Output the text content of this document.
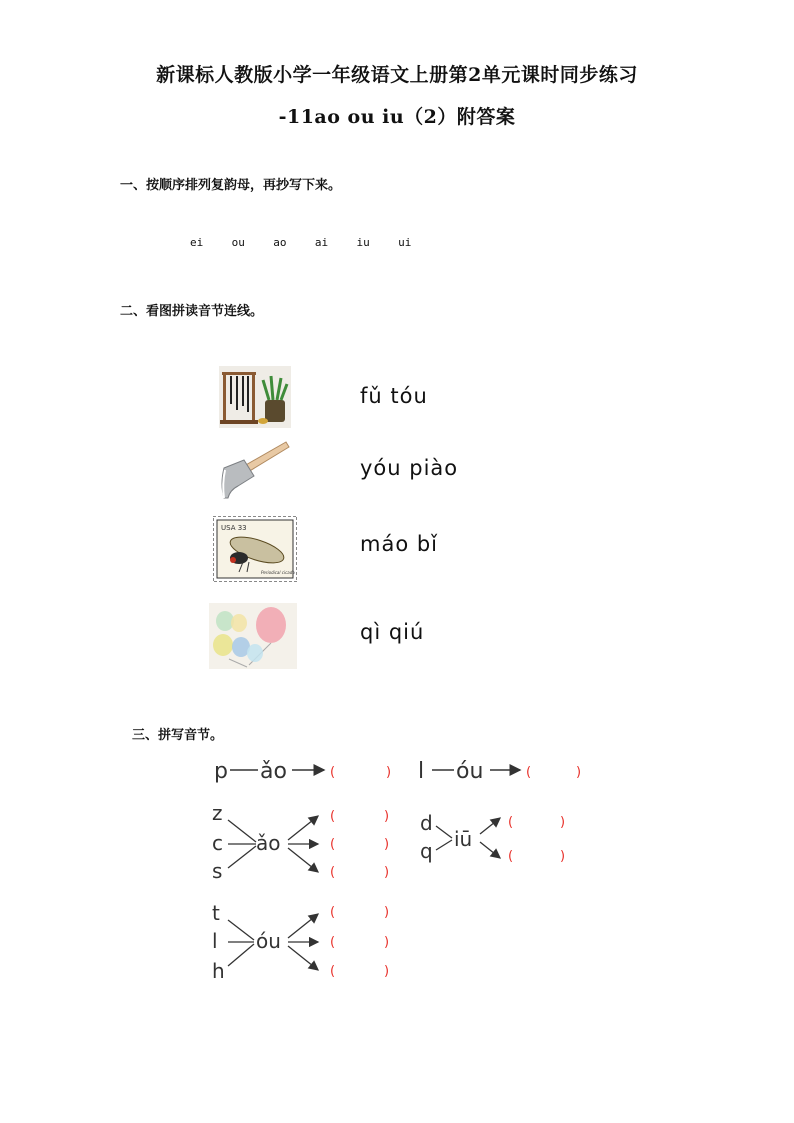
新课标人教版小学一年级语文上册第2单元课时同步练习
-11ao ou iu（2）附答案
一、按顺序排列复韵母，再抄写下来。
ei	ou	ao	ai	iu	ui
二、看图拼读音节连线。
fǔ tóu
yóu piào
USA 33
Periodical cicada
máo bǐ
qì qiú
三、拼写音节。
p ǎo	(	) l óu	(	)
z
c
s
ǎo
(	)
(	)
(	)
d
q iū
(	)
(	)
t
l
h
óu
(	)
(	)
(	)
